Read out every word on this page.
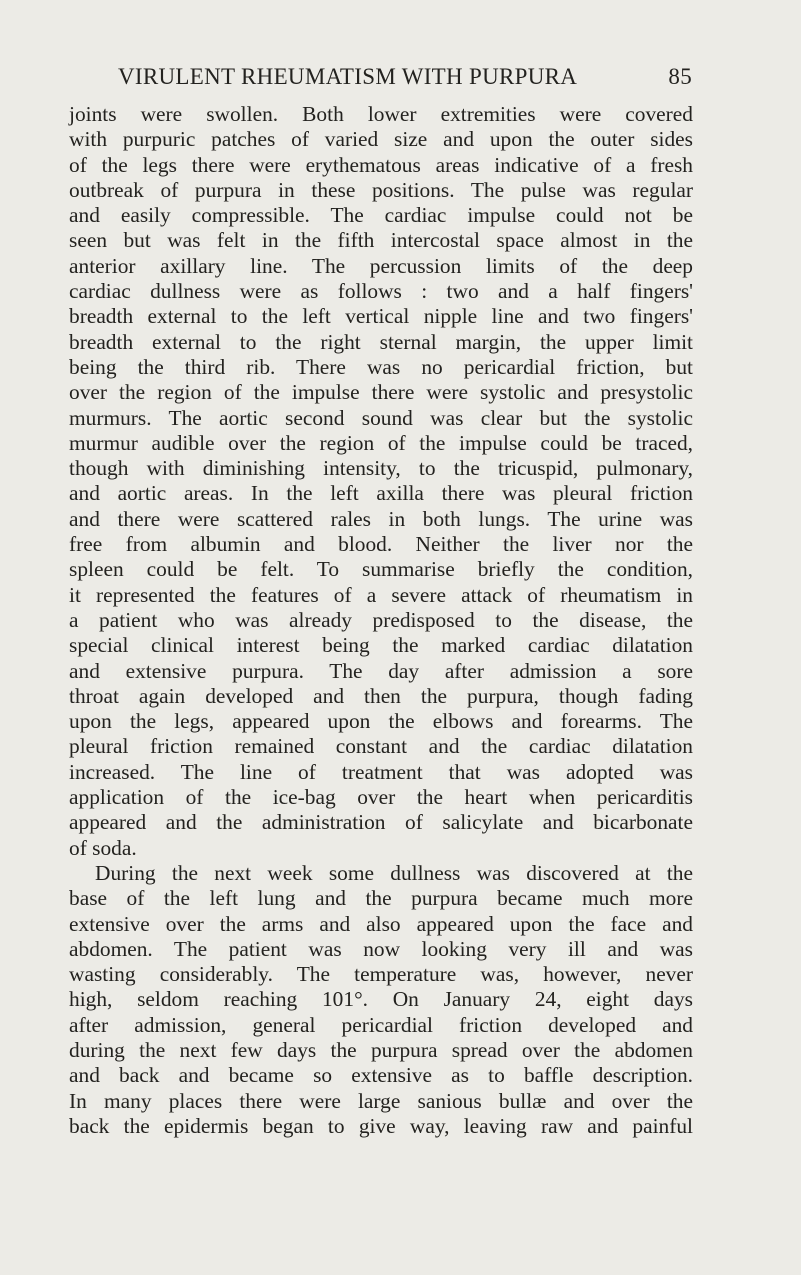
VIRULENT RHEUMATISM WITH PURPURA	85
joints were swollen. Both lower extremities were covered
with purpuric patches of varied size and upon the outer sides
of the legs there were erythematous areas indicative of a fresh
outbreak of purpura in these positions. The pulse was regular
and easily compressible. The cardiac impulse could not be
seen but was felt in the fifth intercostal space almost in the
anterior axillary line. The percussion limits of the deep
cardiac dullness were as follows : two and a half fingers'
breadth external to the left vertical nipple line and two fingers'
breadth external to the right sternal margin, the upper limit
being the third rib. There was no pericardial friction, but
over the region of the impulse there were systolic and presystolic
murmurs. The aortic second sound was clear but the systolic
murmur audible over the region of the impulse could be traced,
though with diminishing intensity, to the tricuspid, pulmonary,
and aortic areas. In the left axilla there was pleural friction
and there were scattered rales in both lungs. The urine was
free from albumin and blood. Neither the liver nor the
spleen could be felt. To summarise briefly the condition,
it represented the features of a severe attack of rheumatism in
a patient who was already predisposed to the disease, the
special clinical interest being the marked cardiac dilatation
and extensive purpura. The day after admission a sore
throat again developed and then the purpura, though fading
upon the legs, appeared upon the elbows and forearms. The
pleural friction remained constant and the cardiac dilatation
increased. The line of treatment that was adopted was
application of the ice-bag over the heart when pericarditis
appeared and the administration of salicylate and bicarbonate
of soda.
During the next week some dullness was discovered at the
base of the left lung and the purpura became much more
extensive over the arms and also appeared upon the face and
abdomen. The patient was now looking very ill and was
wasting considerably. The temperature was, however, never
high, seldom reaching 101°. On January 24, eight days
after admission, general pericardial friction developed and
during the next few days the purpura spread over the abdomen
and back and became so extensive as to baffle description.
In many places there were large sanious bullæ and over the
back the epidermis began to give way, leaving raw and painful
